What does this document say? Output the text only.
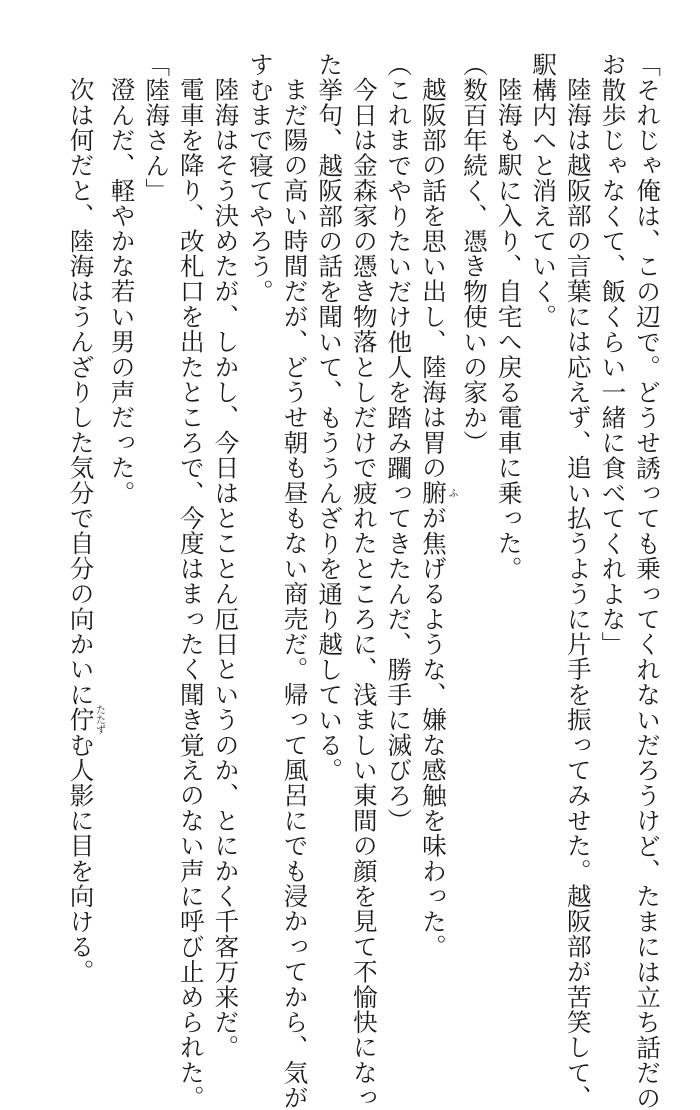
「それじゃ俺は、この辺で。どうせ誘っても乗ってくれないだろうけど、たまには立ち話だの
お散歩じゃなくて、飯くらい一緒に食べてくれよな」
陸海は越阪部の言葉には応えず、追い払うように片手を振ってみせた。越阪部が苦笑して、
駅構内へと消えていく。
陸海も駅に入り、自宅へ戻る電車に乗った。
（数百年続く、憑き物使いの家か）
越阪部の話を思い出し、陸海は胃の腑ふが焦げるような、嫌な感触を味わった。
（これまでやりたいだけ他人を踏み躙ってきたんだ、勝手に滅びろ）
今日は金森家の憑き物落としだけで疲れたところに、浅ましい東間の顔を見て不愉快になっ
た挙句、越阪部の話を聞いて、もううんざりを通り越している。
まだ陽の高い時間だが、どうせ朝も昼もない商売だ。帰って風呂にでも浸かってから、気が
すむまで寝てやろう。
陸海はそう決めたが、しかし、今日はとことん厄日というのか、とにかく千客万来だ。
電車を降り、改札口を出たところで、今度はまったく聞き覚えのない声に呼び止められた。
「陸海さん」
澄んだ、軽やかな若い男の声だった。
次は何だと、陸海はうんざりした気分で自分の向かいに佇たたずむ人影に目を向ける。
